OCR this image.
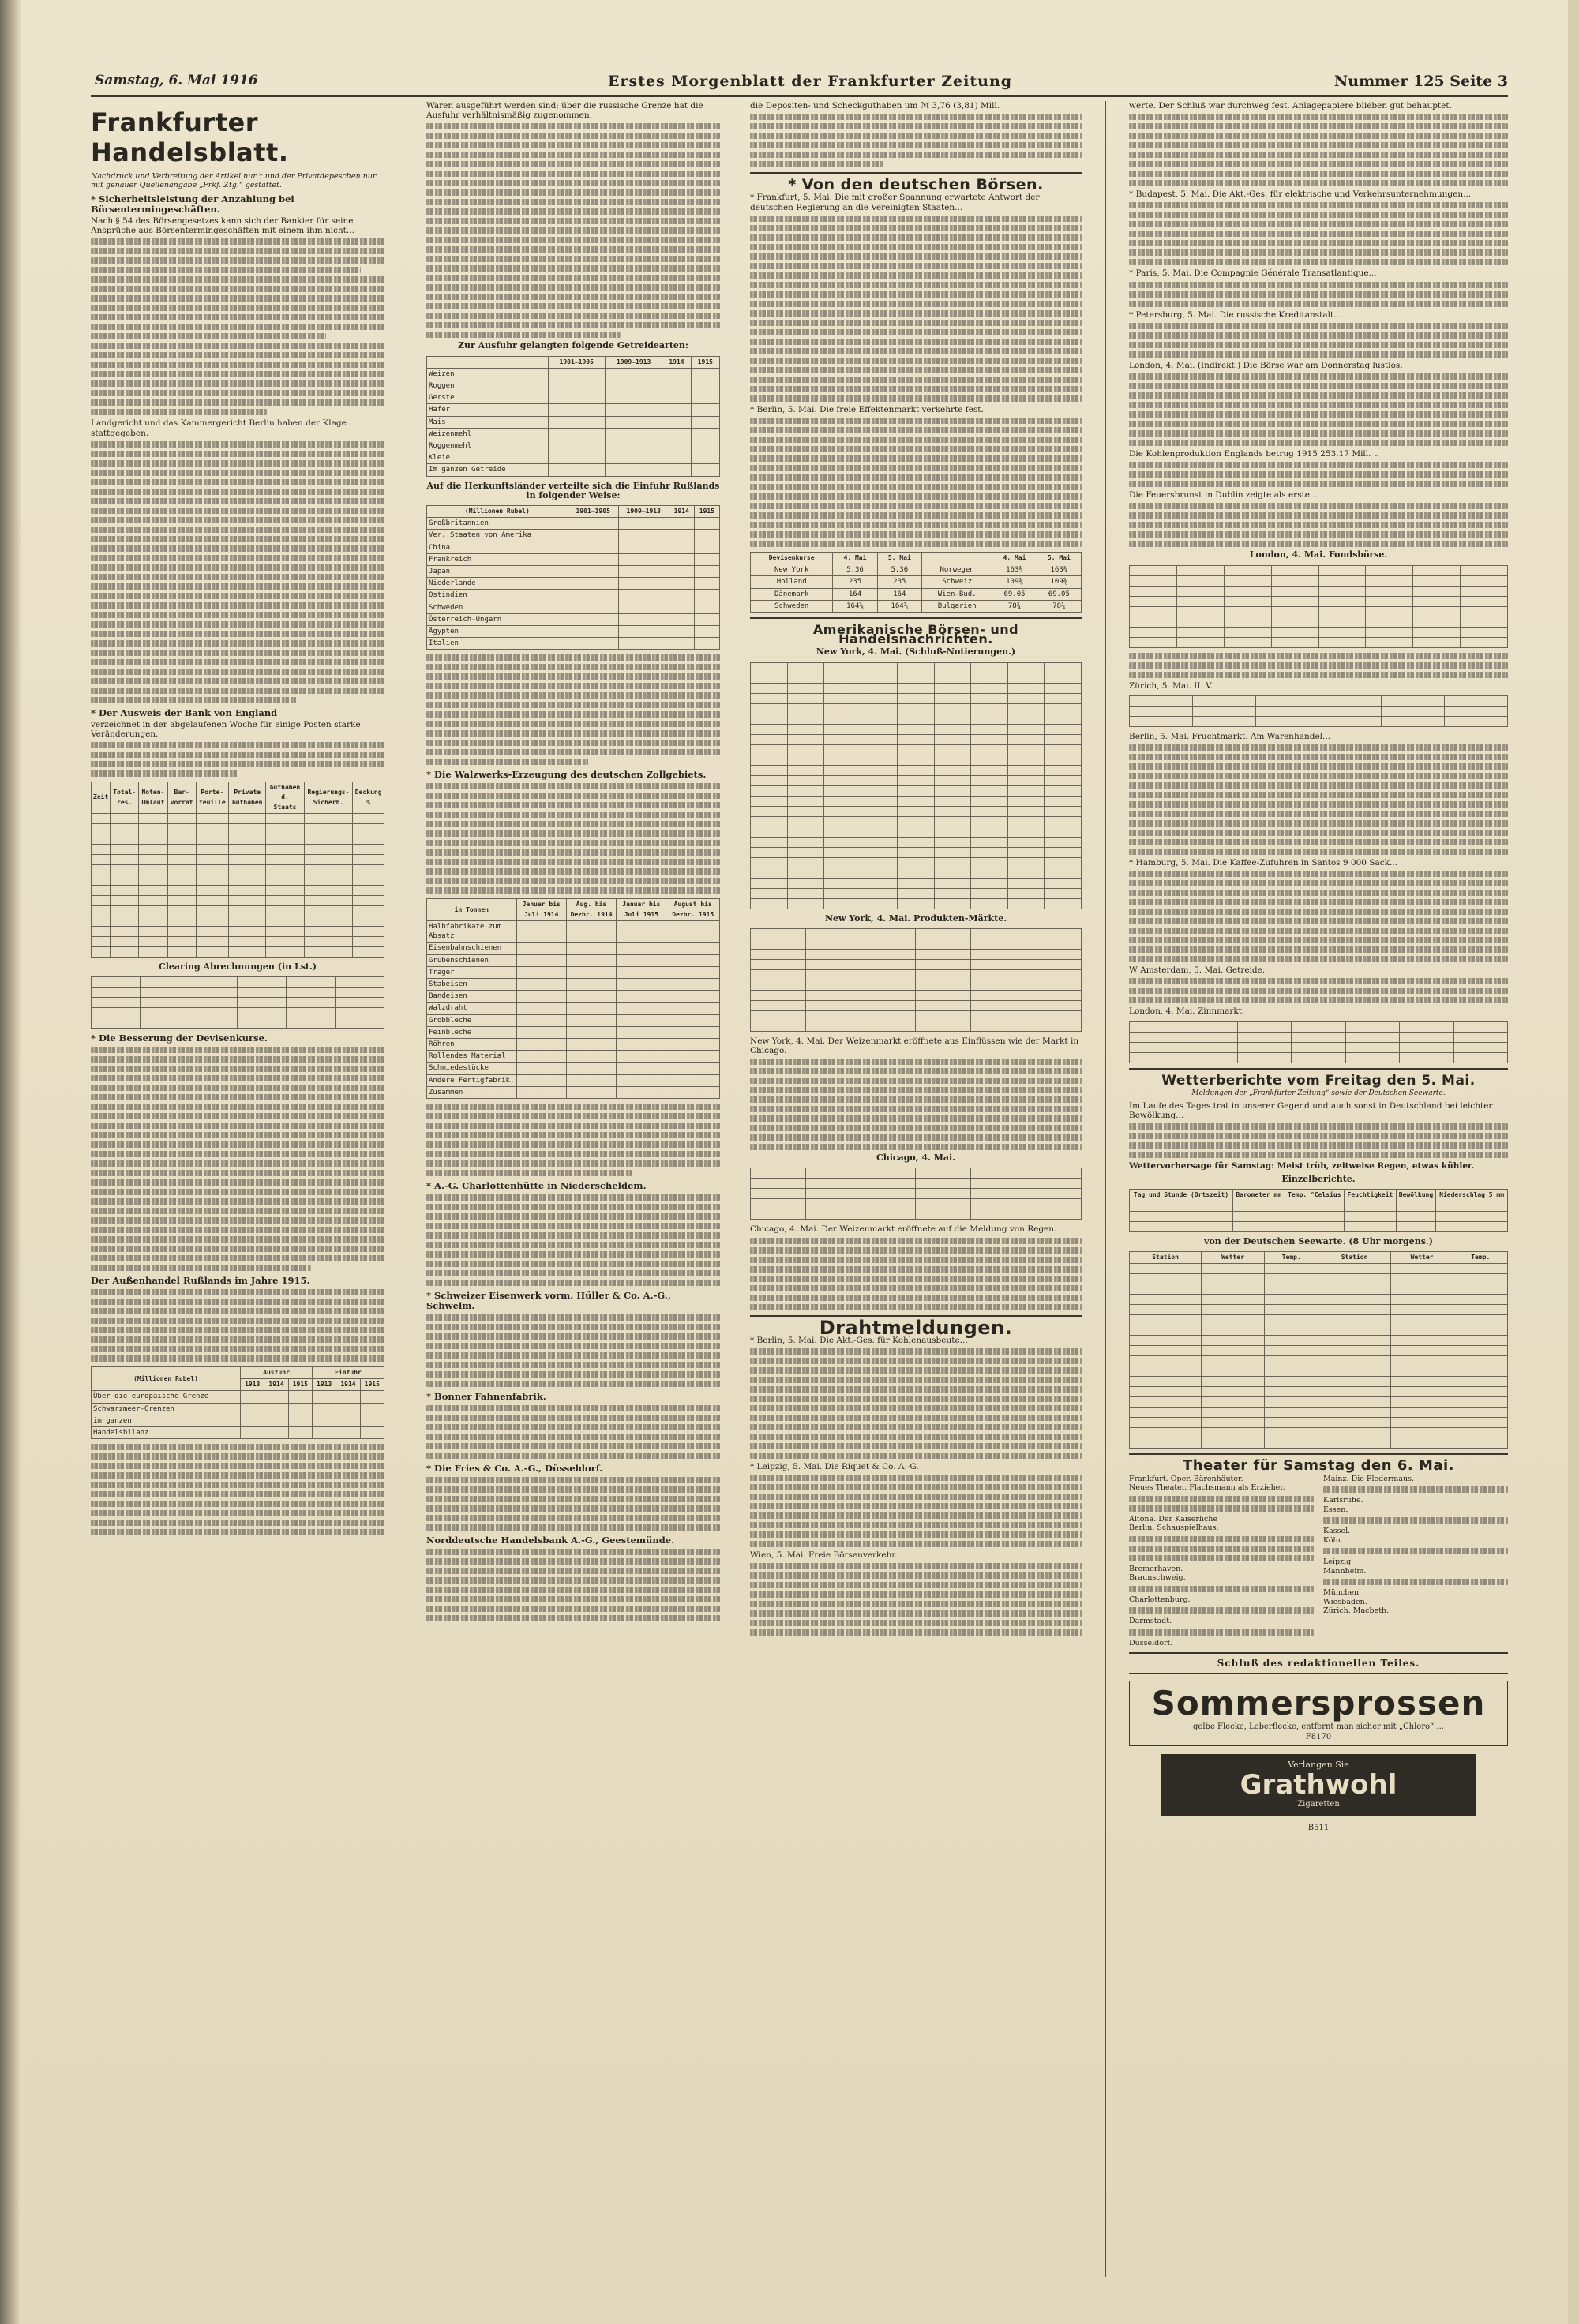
Samstag, 6. Mai 1916	Erstes Morgenblatt der Frankfurter Zeitung	Nummer 125 Seite 3
Frankfurter Handelsblatt.
Nachdruck und Verbreitung der Artikel nur * und der Privatdepeschen nur mit genauer Quellenangabe „Frkf. Ztg.“ gestattet.
* Sicherheitsleistung der Anzahlung bei Börsentermingeschäften.
Nach § 54 des Börsengesetzes kann sich der Bankier für seine Ansprüche aus Börsentermingeschäften mit einem ihm nicht...
Landgericht und das Kammergericht Berlin haben der Klage stattgegeben.
* Der Ausweis der Bank von England
verzeichnet in der abgelaufenen Woche für einige Posten starke Veränderungen.
Zeit	Total-res.	Noten-Umlauf	Bar-vorrat	Porte-feuille	Private Guthaben	Guthaben d. Staats	Regierungs-Sicherh.	Deckung %

Clearing Abrechnungen (in Lst.)

* Die Besserung der Devisenkurse.
Der Außenhandel Rußlands im Jahre 1915.
(Millionen Rubel)	Ausfuhr			Einfuhr		
	1913	1914	1915	1913	1914	1915
Über die europäische Grenze						
Schwarzmeer-Grenzen						
im ganzen						
Handelsbilanz						
Waren ausgeführt werden sind; über die russische Grenze hat die Ausfuhr verhältnismäßig zugenommen.
Zur Ausfuhr gelangten folgende Getreidearten:
	1901–1905	1909–1913	1914	1915
Weizen				
Roggen				
Gerste				
Hafer				
Mais				
Weizenmehl				
Roggenmehl				
Kleie				
Im ganzen Getreide				
Auf die Herkunftsländer verteilte sich die Einfuhr Rußlands in folgender Weise:
(Millionen Rubel)	1901–1905	1909–1913	1914	1915
Großbritannien				
Ver. Staaten von Amerika				
China				
Frankreich				
Japan				
Niederlande				
Ostindien				
Schweden				
Österreich-Ungarn				
Ägypten				
Italien				
* Die Walzwerks-Erzeugung des deutschen Zollgebiets.
in Tonnen	Januar bis Juli 1914	Aug. bis Dezbr. 1914	Januar bis Juli 1915	August bis Dezbr. 1915
Halbfabrikate zum Absatz				
Eisenbahnschienen				
Grubenschienen				
Träger				
Stabeisen				
Bandeisen				
Walzdraht				
Grobbleche				
Feinbleche				
Röhren				
Rollendes Material				
Schmiedestücke				
Andere Fertigfabrik.				
Zusammen				
* A.-G. Charlottenhütte in Niederscheldem.
* Schweizer Eisenwerk vorm. Hüller & Co. A.-G., Schwelm.
* Bonner Fahnenfabrik.
* Die Fries & Co. A.-G., Düsseldorf.
Norddeutsche Handelsbank A.-G., Geestemünde.
die Depositen- und Scheckguthaben um ℳ 3,76 (3,81) Mill.
* Von den deutschen Börsen.
* Frankfurt, 5. Mai. Die mit großer Spannung erwartete Antwort der deutschen Regierung an die Vereinigten Staaten...
* Berlin, 5. Mai. Die freie Effektenmarkt verkehrte fest.
Devisenkurse	4. Mai	5. Mai		4. Mai	5. Mai
New York	5.36	5.36	Norwegen	163¾	163¾
Holland	235	235	Schweiz	109⅜	109⅜
Dänemark	164	164	Wien-Bud.	69.05	69.05
Schweden	164⅜	164⅜	Bulgarien	78¾	78¾
Amerikanische Börsen- und Handelsnachrichten.
New York, 4. Mai. (Schluß-Notierungen.)

New York, 4. Mai. Produkten-Märkte.

New York, 4. Mai. Der Weizenmarkt eröffnete aus Einflüssen wie der Markt in Chicago.
Chicago, 4. Mai.

Chicago, 4. Mai. Der Weizenmarkt eröffnete auf die Meldung von Regen.
Drahtmeldungen.
* Berlin, 5. Mai. Die Akt.-Ges. für Kohlenausbeute...
* Leipzig, 5. Mai. Die Riquet & Co. A.-G.
Wien, 5. Mai. Freie Börsenverkehr.
werte. Der Schluß war durchweg fest. Anlagepapiere blieben gut behauptet.
* Budapest, 5. Mai. Die Akt.-Ges. für elektrische und Verkehrsunternehmungen...
* Paris, 5. Mai. Die Compagnie Générale Transatlantique...
* Petersburg, 5. Mai. Die russische Kreditanstalt...
London, 4. Mai. (Indirekt.) Die Börse war am Donnerstag lustlos.
Die Kohlenproduktion Englands betrug 1915 253.17 Mill. t.
Die Feuersbrunst in Dublin zeigte als erste...
London, 4. Mai. Fondsbörse.

Zürich, 5. Mai. II. V.

Berlin, 5. Mai. Fruchtmarkt. Am Warenhandel...
* Hamburg, 5. Mai. Die Kaffee-Zufuhren in Santos 9 000 Sack...
W Amsterdam, 5. Mai. Getreide.
London, 4. Mai. Zinnmarkt.

Wetterberichte vom Freitag den 5. Mai.
Meldungen der „Frankfurter Zeitung“ sowie der Deutschen Seewarte.
Im Laufe des Tages trat in unserer Gegend und auch sonst in Deutschland bei leichter Bewölkung...
Wettervorhersage für Samstag: Meist trüb, zeitweise Regen, etwas kühler.
Einzelberichte.
Tag und Stunde (Ortszeit)	Barometer mm	Temp. °Celsius	Feuchtigkeit	Bewölkung	Niederschlag 5 mm

von der Deutschen Seewarte. (8 Uhr morgens.)
Station	Wetter	Temp.	Station	Wetter	Temp.

Theater für Samstag den 6. Mai.
Frankfurt. Oper. Bärenhäuter.
Neues Theater. Flachsmann als Erzieher.
Altona. Der Kaiserliche
Berlin. Schauspielhaus.
Bremerhaven.
Braunschweig.
Charlottenburg.
Darmstadt.
Düsseldorf.
Mainz. Die Fledermaus.
Karlsruhe.
Essen.
Kassel.
Köln.
Leipzig.
Mannheim.
München.
Wiesbaden.
Zürich. Macbeth.
Schluß des redaktionellen Teiles.
Sommersprossen
gelbe Flecke, Leberflecke, entfernt man sicher mit „Chloro“ ...
F8170
Verlangen Sie
Grathwohl
Zigaretten
B511
